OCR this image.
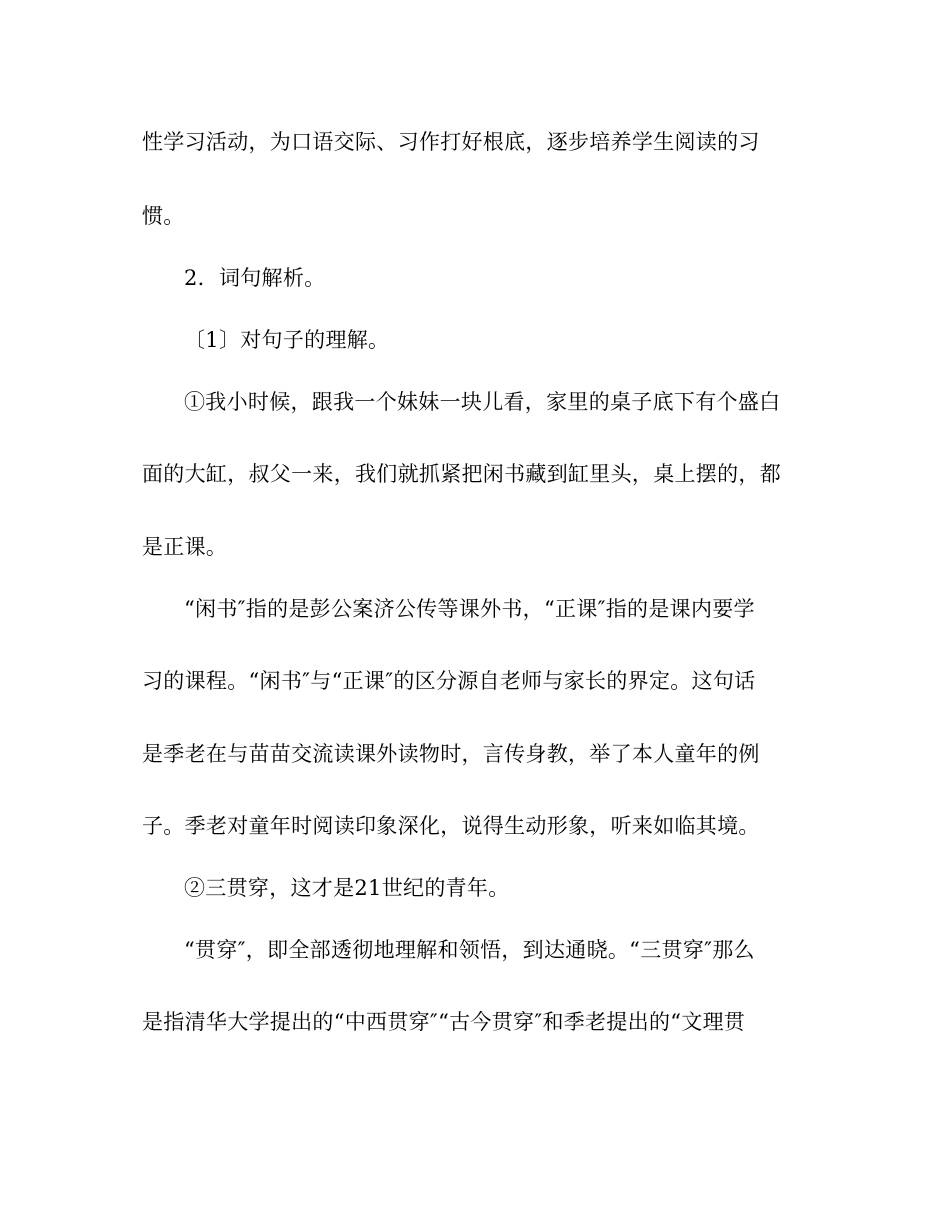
性学习活动，为口语交际、习作打好根底，逐步培养学生阅读的习
惯。
2．词句解析。
〔1〕对句子的理解。
①我小时候，跟我一个妹妹一块儿看，家里的桌子底下有个盛白
面的大缸，叔父一来，我们就抓紧把闲书藏到缸里头，桌上摆的，都
是正课。
“闲书″指的是彭公案济公传等课外书，“正课″指的是课内要学
习的课程。“闲书″与“正课″的区分源自老师与家长的界定。这句话
是季老在与苗苗交流读课外读物时，言传身教，举了本人童年的例
子。季老对童年时阅读印象深化，说得生动形象，听来如临其境。
②三贯穿，这才是21世纪的青年。
“贯穿″，即全部透彻地理解和领悟，到达通晓。“三贯穿″那么
是指清华大学提出的“中西贯穿″“古今贯穿″和季老提出的“文理贯
